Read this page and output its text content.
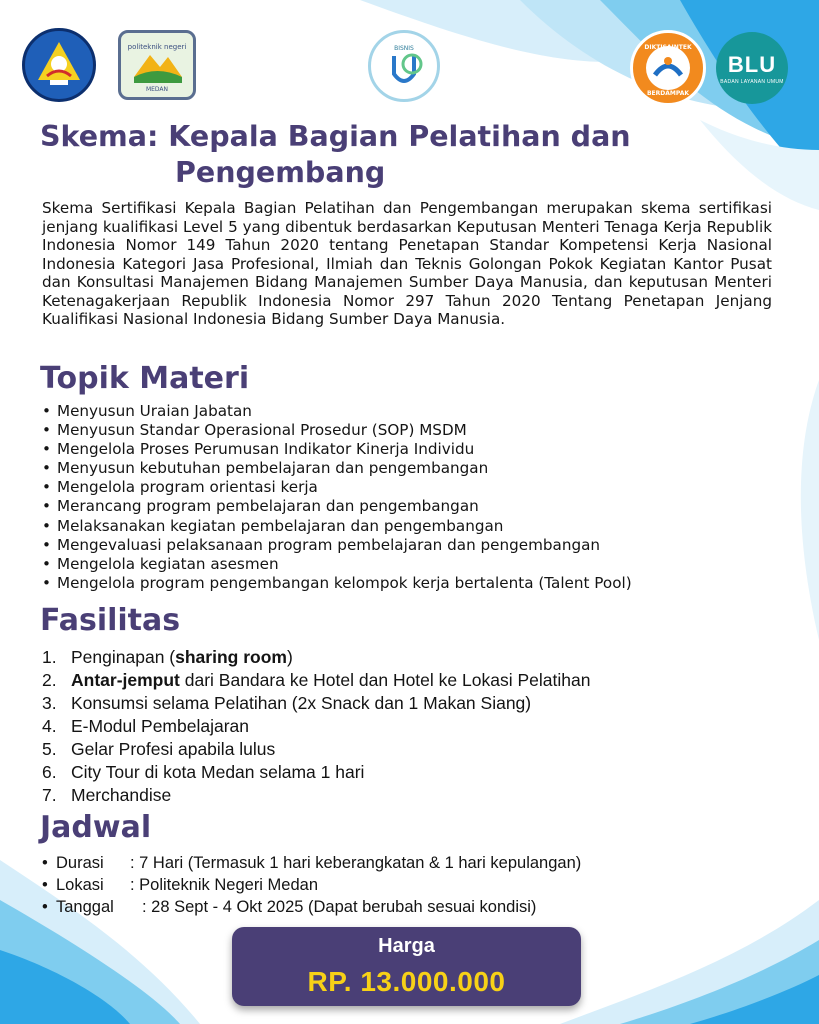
politeknik negeri
MEDAN
BISNIS	DIKTISAINTEK
BERDAMPAK
BLU
BADAN LAYANAN UMUM
Skema: Kepala Bagian Pelatihan dan
Pengembang

Skema Sertifikasi Kepala Bagian Pelatihan dan Pengembangan merupakan skema sertifikasi jenjang kualifikasi Level 5 yang dibentuk berdasarkan Keputusan Menteri Tenaga Kerja Republik Indonesia Nomor 149 Tahun 2020 tentang Penetapan Standar Kompetensi Kerja Nasional Indonesia Kategori Jasa Profesional, Ilmiah dan Teknis Golongan Pokok Kegiatan Kantor Pusat dan Konsultasi Manajemen Bidang Manajemen Sumber Daya Manusia, dan keputusan Menteri Ketenagakerjaan Republik Indonesia Nomor 297 Tahun 2020 Tentang Penetapan Jenjang Kualifikasi Nasional Indonesia Bidang Sumber Daya Manusia.

Topik Materi
• Menyusun Uraian Jabatan
• Menyusun Standar Operasional Prosedur (SOP) MSDM
• Mengelola Proses Perumusan Indikator Kinerja Individu
• Menyusun kebutuhan pembelajaran dan pengembangan
• Mengelola program orientasi kerja
• Merancang program pembelajaran dan pengembangan
• Melaksanakan kegiatan pembelajaran dan pengembangan
• Mengevaluasi pelaksanaan program pembelajaran dan pengembangan
• Mengelola kegiatan asesmen
• Mengelola program pengembangan kelompok kerja bertalenta (Talent Pool)
Fasilitas
1. Penginapan (sharing room)
2. Antar-jemput dari Bandara ke Hotel dan Hotel ke Lokasi Pelatihan
3. Konsumsi selama Pelatihan (2x Snack dan 1 Makan Siang)
4. E-Modul Pembelajaran
5. Gelar Profesi apabila lulus
6. City Tour di kota Medan selama 1 hari
7. Merchandise
Jadwal
• Durasi	: 7 Hari (Termasuk 1 hari keberangkatan & 1 hari kepulangan)
• Lokasi	: Politeknik Negeri Medan
• Tanggal	: 28 Sept - 4 Okt 2025 (Dapat berubah sesuai kondisi)
Harga
RP. 13.000.000
